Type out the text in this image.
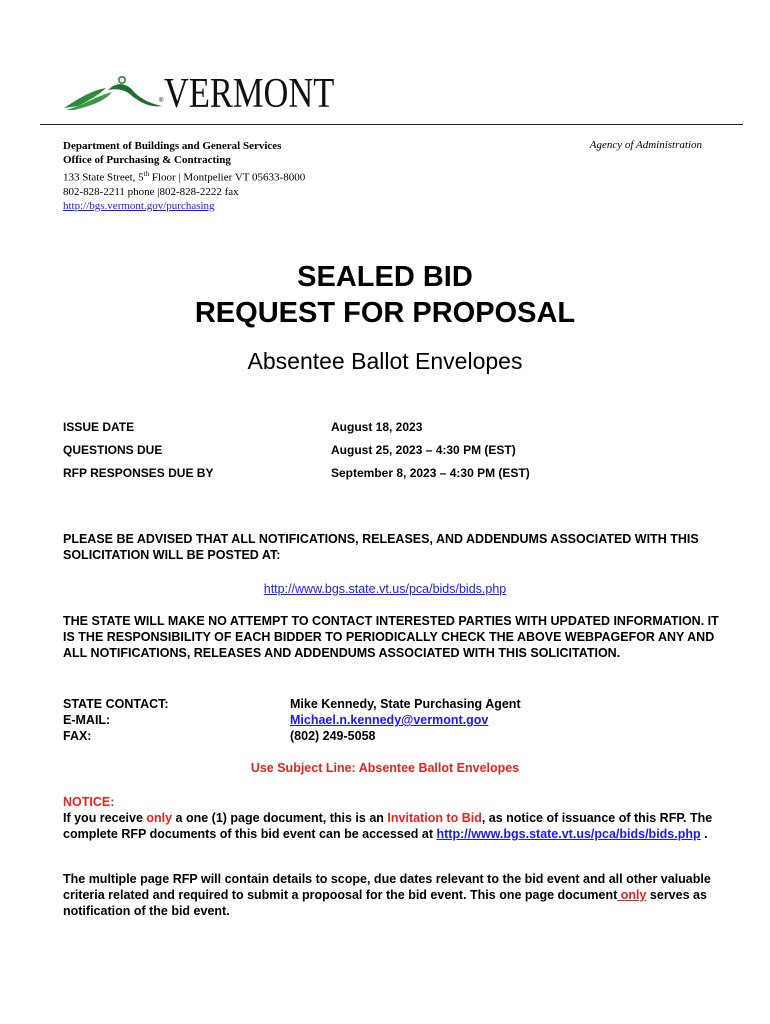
® VERMONT
Department of Buildings and General Services
Office of Purchasing & Contracting
133 State Street, 5th Floor | Montpelier VT 05633-8000
802-828-2211 phone |802-828-2222 fax
http://bgs.vermont.gov/purchasing
Agency of Administration
SEALED BID
REQUEST FOR PROPOSAL
Absentee Ballot Envelopes
ISSUE DATE	August 18, 2023
QUESTIONS DUE	August 25, 2023 – 4:30 PM (EST)
RFP RESPONSES DUE BY	September 8, 2023 – 4:30 PM (EST)
PLEASE BE ADVISED THAT ALL NOTIFICATIONS, RELEASES, AND ADDENDUMS ASSOCIATED WITH THIS SOLICITATION WILL BE POSTED AT:
http://www.bgs.state.vt.us/pca/bids/bids.php
THE STATE WILL MAKE NO ATTEMPT TO CONTACT INTERESTED PARTIES WITH UPDATED INFORMATION. IT IS THE RESPONSIBILITY OF EACH BIDDER TO PERIODICALLY CHECK THE ABOVE WEBPAGEFOR ANY AND ALL NOTIFICATIONS, RELEASES AND ADDENDUMS ASSOCIATED WITH THIS SOLICITATION.
STATE CONTACT:	Mike Kennedy, State Purchasing Agent
E-MAIL:	Michael.n.kennedy@vermont.gov
FAX:	(802) 249-5058
Use Subject Line: Absentee Ballot Envelopes
NOTICE:
If you receive only a one (1) page document, this is an Invitation to Bid, as notice of issuance of this RFP. The complete RFP documents of this bid event can be accessed at http://www.bgs.state.vt.us/pca/bids/bids.php .
The multiple page RFP will contain details to scope, due dates relevant to the bid event and all other valuable criteria related and required to submit a propoosal for the bid event. This one page document only serves as notification of the bid event.
